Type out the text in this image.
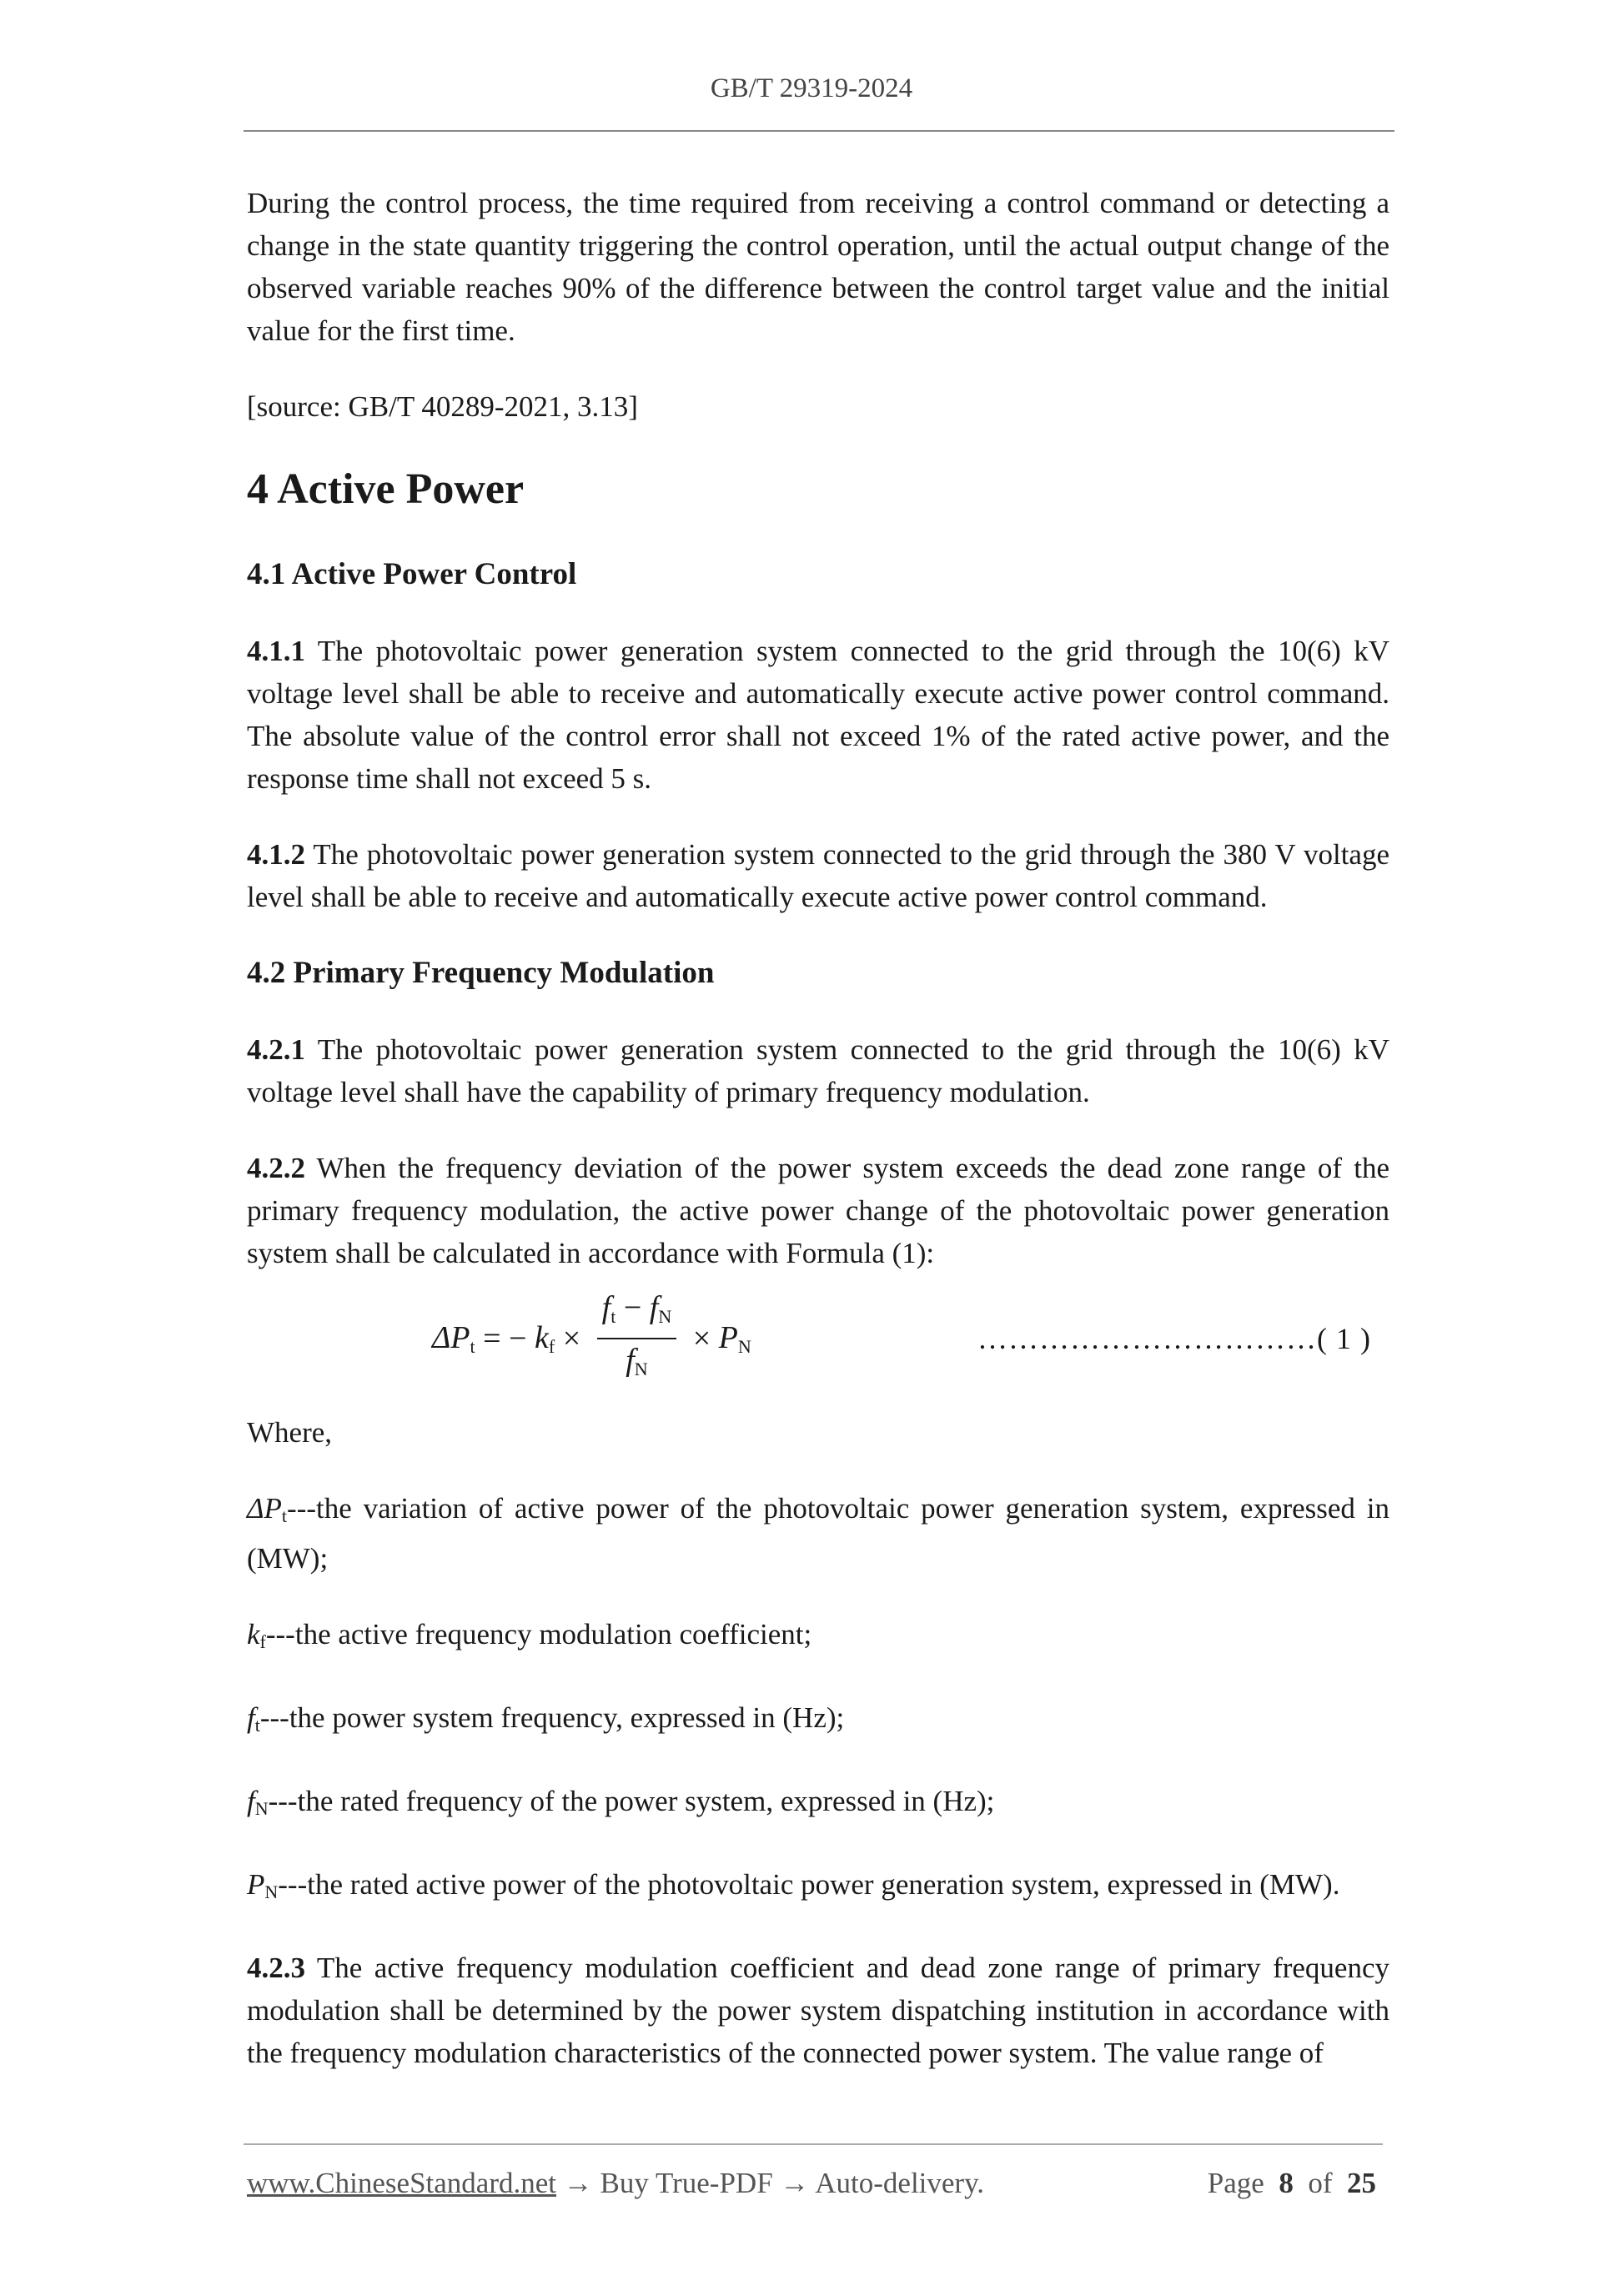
GB/T 29319-2024

During the control process, the time required from receiving a control command or detecting a change in the state quantity triggering the control operation, until the actual output change of the observed variable reaches 90% of the difference between the control target value and the initial value for the first time.

[source: GB/T 40289-2021, 3.13]

4 Active Power
4.1 Active Power Control

4.1.1 The photovoltaic power generation system connected to the grid through the 10(6) kV voltage level shall be able to receive and automatically execute active power control command. The absolute value of the control error shall not exceed 1% of the rated active power, and the response time shall not exceed 5 s.

4.1.2 The photovoltaic power generation system connected to the grid through the 380 V voltage level shall be able to receive and automatically execute active power control command.

4.2 Primary Frequency Modulation

4.2.1 The photovoltaic power generation system connected to the grid through the 10(6) kV voltage level shall have the capability of primary frequency modulation.

4.2.2 When the frequency deviation of the power system exceeds the dead zone range of the primary frequency modulation, the active power change of the photovoltaic power generation system shall be calculated in accordance with Formula (1):

$\Delta P_t$ = − $k_f \times \frac{f_t - f_N}{f_N} \times P_N$	…………………………… ( 1 )

Where,

ΔPt---the variation of active power of the photovoltaic power generation system, expressed in (MW);

kf---the active frequency modulation coefficient;

ft---the power system frequency, expressed in (Hz);

fN---the rated frequency of the power system, expressed in (Hz);

PN---the rated active power of the photovoltaic power generation system, expressed in (MW).

4.2.3 The active frequency modulation coefficient and dead zone range of primary frequency modulation shall be determined by the power system dispatching institution in accordance with the frequency modulation characteristics of the connected power system. The value range of

www.ChineseStandard.net → Buy True-PDF → Auto-delivery.	Page 8 of 25
